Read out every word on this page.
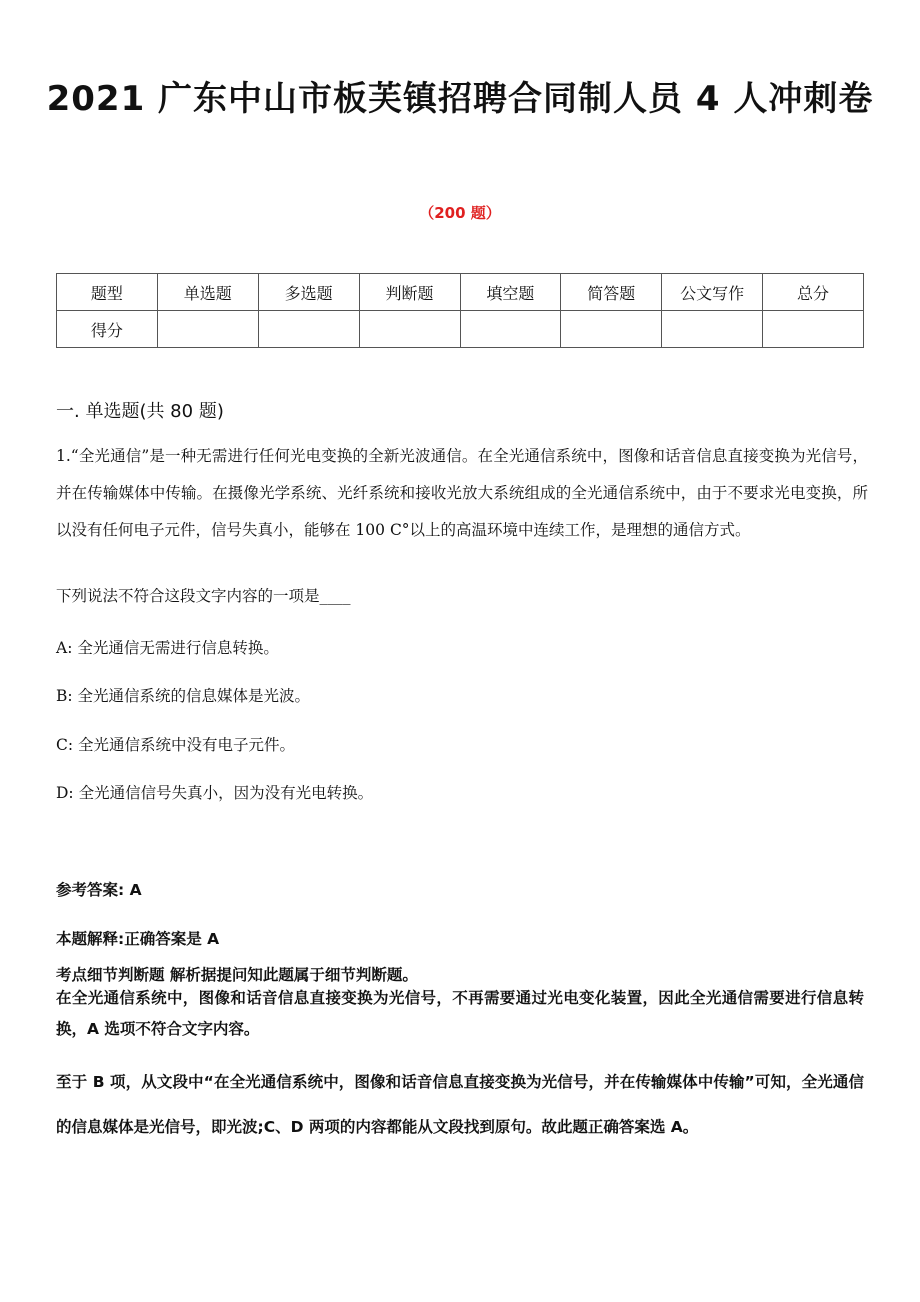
2021 广东中山市板芙镇招聘合同制人员 4 人冲刺卷
（200 题）
题型	单选题	多选题	判断题	填空题	简答题	公文写作	总分
得分							
一. 单选题(共 80 题)
1.“全光通信”是一种无需进行任何光电变换的全新光波通信。在全光通信系统中，图像和话音信息直接变换为光信号，并在传输媒体中传输。在摄像光学系统、光纤系统和接收光放大系统组成的全光通信系统中，由于不要求光电变换，所以没有任何电子元件，信号失真小，能够在 100 C°以上的高温环境中连续工作，是理想的通信方式。
下列说法不符合这段文字内容的一项是____
A: 全光通信无需进行信息转换。
B: 全光通信系统的信息媒体是光波。
C: 全光通信系统中没有电子元件。
D: 全光通信信号失真小，因为没有光电转换。
参考答案: A
本题解释:正确答案是 A
考点细节判断题 解析据提问知此题属于细节判断题。
在全光通信系统中，图像和话音信息直接变换为光信号，不再需要通过光电变化装置，因此全光通信需要进行信息转换，A 选项不符合文字内容。
至于 B 项，从文段中“在全光通信系统中，图像和话音信息直接变换为光信号，并在传输媒体中传输”可知，全光通信的信息媒体是光信号，即光波;C、D 两项的内容都能从文段找到原句。故此题正确答案选 A。
